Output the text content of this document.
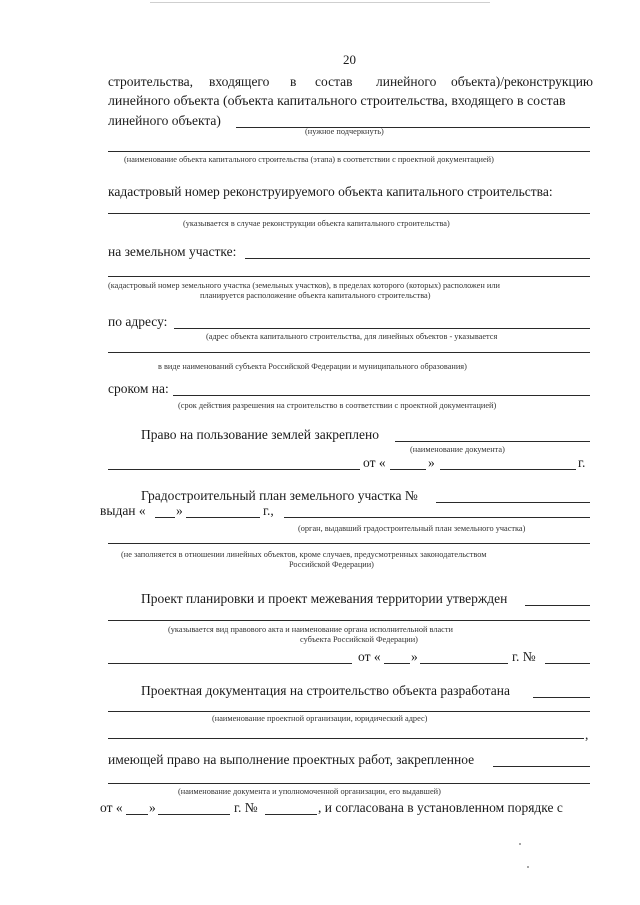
20
строительства, входящего в состав линейного объекта)/реконструкцию
линейного объекта (объекта капитального строительства, входящего в состав
линейного объекта)
(нужное подчеркнуть)
(наименование объекта капитального строительства (этапа) в соответствии с проектной документацией)
кадастровый номер реконструируемого объекта капитального строительства:
(указывается в случае реконструкции объекта капитального строительства)
на земельном участке:
(кадастровый номер земельного участка (земельных участков), в пределах которого (которых) расположен или
планируется расположение объекта капитального строительства)
по адресу:
(адрес объекта капитального строительства, для линейных объектов - указывается
в виде наименований субъекта Российской Федерации и муниципального образования)
сроком на:
(срок действия разрешения на строительство в соответствии с проектной документацией)
Право на пользование землей закреплено
(наименование документа)
от «	»	г.
Градостроительный план земельного участка №
выдан « »	г.,
(орган, выдавший градостроительный план земельного участка)
(не заполняется в отношении линейных объектов, кроме случаев, предусмотренных законодательством
Российской Федерации)
Проект планировки и проект межевания территории утвержден
(указывается вид правового акта и наименование органа исполнительной власти
субъекта Российской Федерации)
от « »	г. №
Проектная документация на строительство объекта разработана
(наименование проектной организации, юридический адрес)
,
имеющей право на выполнение проектных работ, закрепленное
(наименование документа и уполномоченной организации, его выдавшей)
от « »	г. №	, и согласована в установленном порядке с
